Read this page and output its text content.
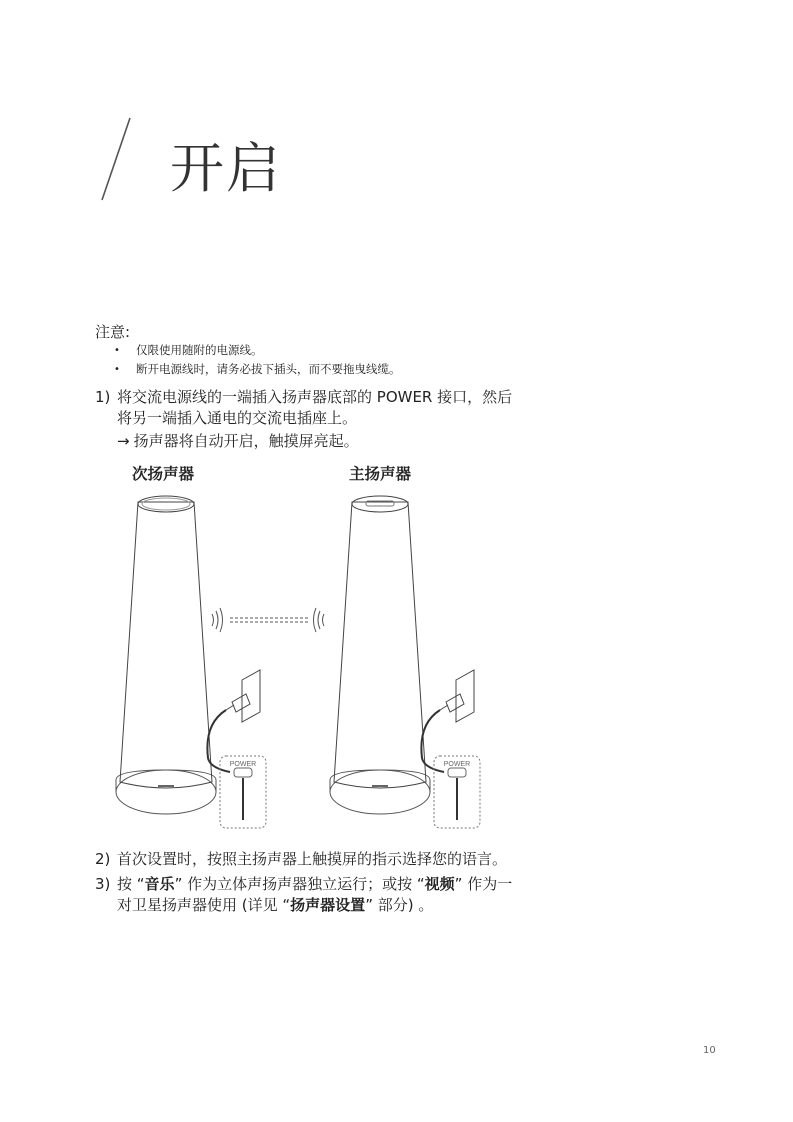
开启
注意:
• 仅限使用随附的电源线。
• 断开电源线时，请务必拔下插头，而不要拖曳线缆。
1) 将交流电源线的一端插入扬声器底部的 POWER 接口，然后将另一端插入通电的交流电插座上。
→ 扬声器将自动开启，触摸屏亮起。
次扬声器	主扬声器
POWER	POWER
2) 首次设置时，按照主扬声器上触摸屏的指示选择您的语言。
3) 按 “音乐” 作为立体声扬声器独立运行；或按 “视频” 作为一对卫星扬声器使用 (详见 “扬声器设置” 部分) 。
10
